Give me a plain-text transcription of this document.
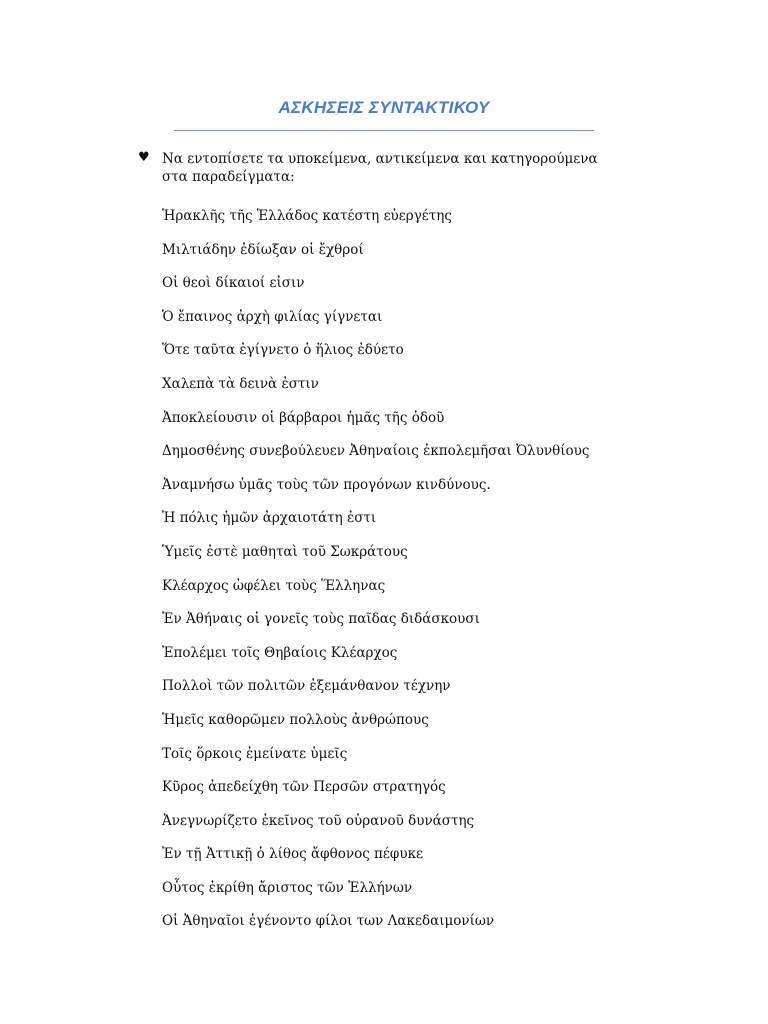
ΑΣΚΗΣΕΙΣ ΣΥΝΤΑΚΤΙΚΟΥ
♥ Να εντοπίσετε τα υποκείμενα, αντικείμενα και κατηγορούμενα στα παραδείγματα:
Ἡρακλῆς τῆς Ἑλλάδος κατέστη εὐεργέτης
Μιλτιάδην ἐδίωξαν οἱ ἔχθροί
Οἱ θεοὶ δίκαιοί εἰσιν
Ὁ ἔπαινος ἀρχὴ φιλίας γίγνεται
Ὅτε ταῦτα ἐγίγνετο ὁ ἥλιος ἐδύετο
Χαλεπὰ τὰ δεινὰ ἐστιν
Ἀποκλείουσιν οἱ βάρβαροι ἡμᾶς τῆς ὁδοῦ
Δημοσθένης συνεβούλευεν Ἀθηναίοις ἐκπολεμῆσαι Ὀλυνθίους
Ἀναμνήσω ὑμᾶς τοὺς τῶν προγόνων κινδύνους.
Ἡ πόλις ἡμῶν ἀρχαιοτάτη ἐστι
Ὑμεῖς ἐστὲ μαθηταὶ τοῦ Σωκράτους
Κλέαρχος ὠφέλει τοὺς Ἕλληνας
Ἐν Ἀθήναις οἱ γονεῖς τοὺς παῖδας διδάσκουσι
Ἐπολέμει τοῖς Θηβαίοις Κλέαρχος
Πολλοὶ τῶν πολιτῶν ἐξεμάνθανον τέχνην
Ἡμεῖς καθορῶμεν πολλοὺς ἀνθρώπους
Τοῖς ὅρκοις ἐμείνατε ὑμεῖς
Κῦρος ἀπεδείχθη τῶν Περσῶν στρατηγός
Ἀνεγνωρίζετο ἐκεῖνος τοῦ οὐρανοῦ δυνάστης
Ἐν τῇ Ἀττικῇ ὁ λίθος ἄφθονος πέφυκε
Οὗτος ἐκρίθη ἄριστος τῶν Ἑλλήνων
Οἱ Ἀθηναῖοι ἐγένοντο φίλοι των Λακεδαιμονίων
